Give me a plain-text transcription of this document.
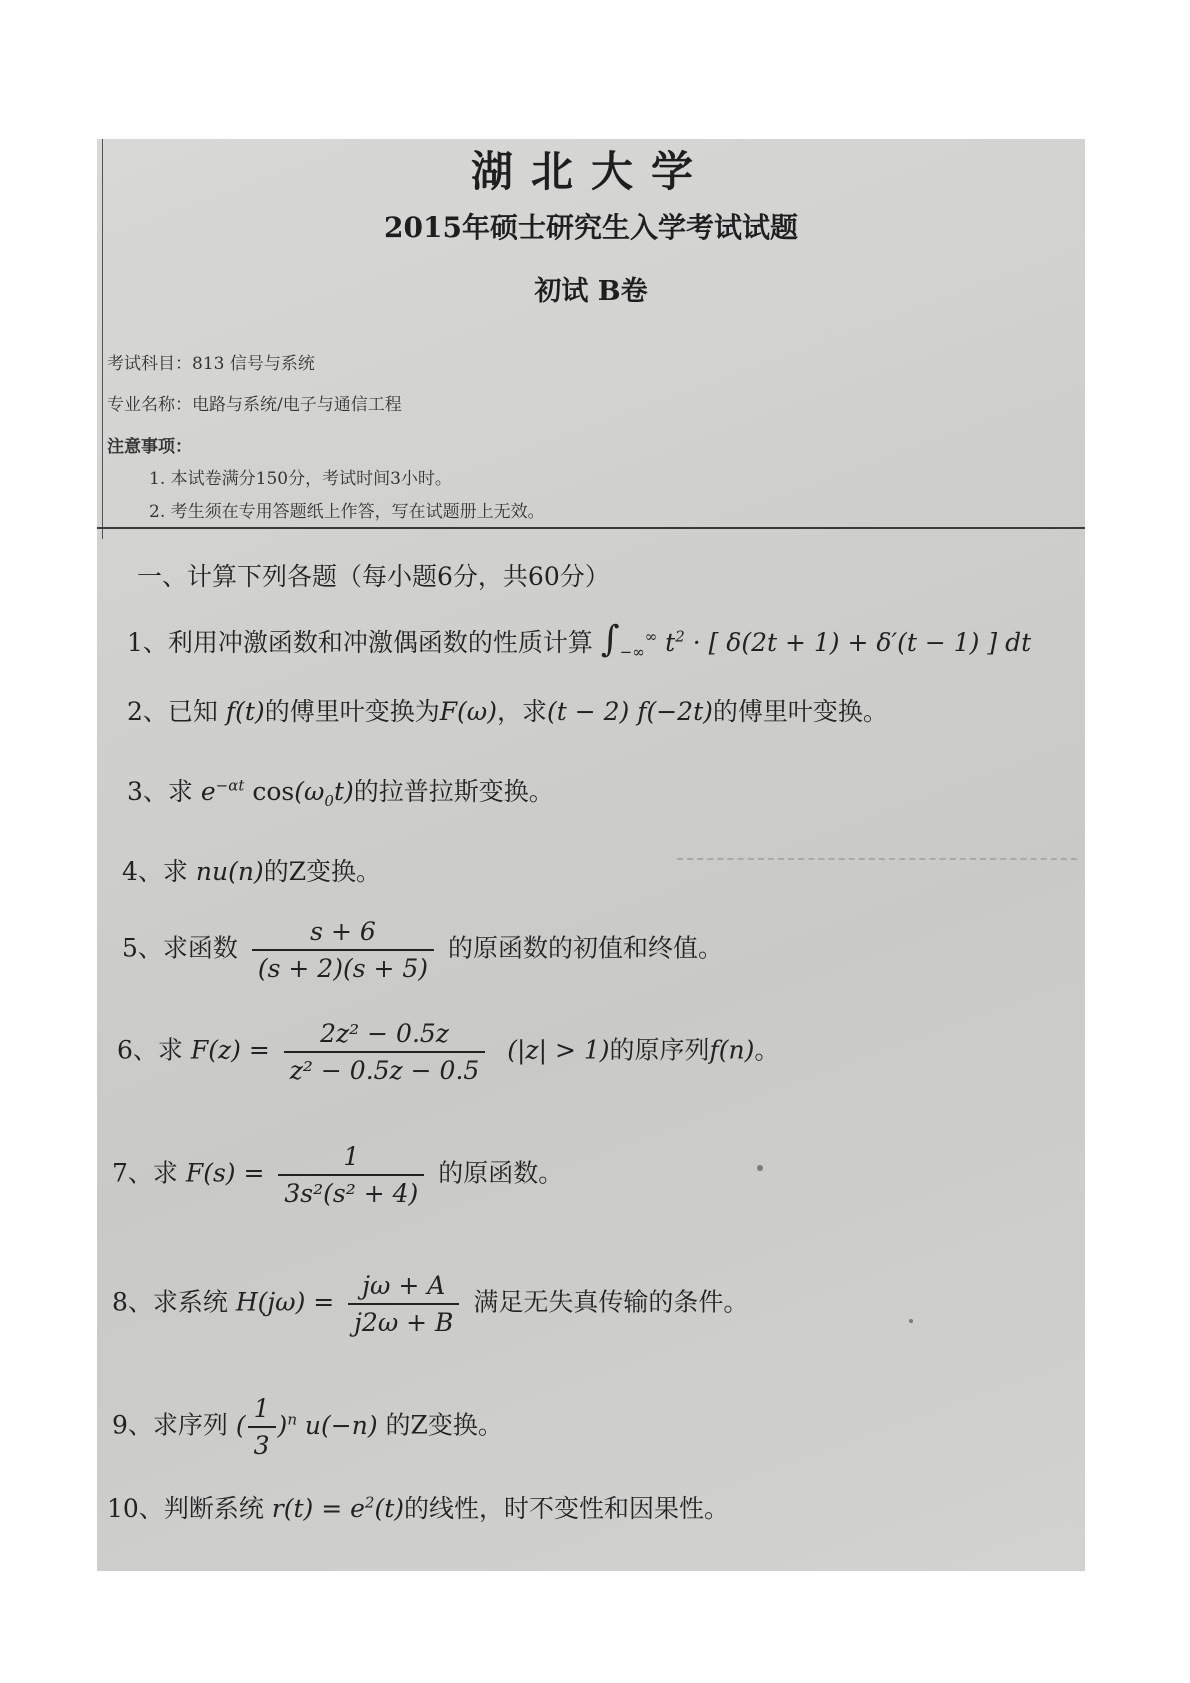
湖北大学
2015年硕士研究生入学考试试题
初试 B卷
考试科目：813 信号与系统
专业名称：电路与系统/电子与通信工程
注意事项：
1. 本试卷满分150分，考试时间3小时。
2. 考生须在专用答题纸上作答，写在试题册上无效。
一、计算下列各题（每小题6分，共60分）
1、利用冲激函数和冲激偶函数的性质计算 $\int_{-\infty}^\infty$ $t^2$ · [ δ(2t + 1) + δ′(t − 1) ] dt
2、已知 f(t)的傅里叶变换为F(ω)，求(t − 2) f(−2t)的傅里叶变换。
3、求 $e^{-\alpha t}$ $\cos(\omega_0t)$的拉普拉斯变换。
4、求 nu(n)的Z变换。
5、求函数 $\frac{s + 6}{(s + 2)(s + 5)}$ 的原函数的初值和终值。
6、求 $F(z) = \frac{\text{2z² − 0.5z}}{\text{z² − 0.5z − 0.5}} (|z| > 1)$的原序列f(n)。
7、求 $F(s) = \frac{1}{\text{3s²(s² + 4)}}$ 的原函数。
8、求系统 $H(j\omega) = \frac{j\omega + A}{j2\omega + B}$ 满足无失真传输的条件。
9、求序列 ( $\frac{1}{3} )^n$ u(−n) 的Z变换。
10、判断系统 $r(t) = e^2(t)$的线性，时不变性和因果性。
